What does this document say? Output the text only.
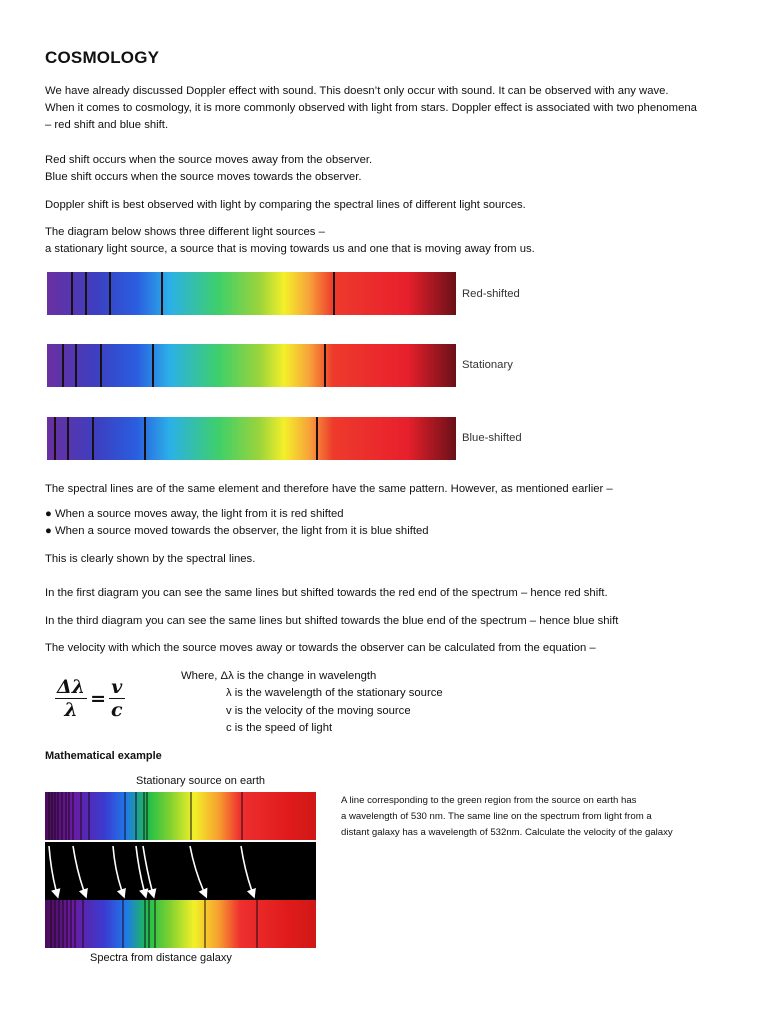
COSMOLOGY
We have already discussed Doppler effect with sound. This doesn’t only occur with sound. It can be observed with any wave.
When it comes to cosmology, it is more commonly observed with light from stars. Doppler effect is associated with two phenomena
– red shift and blue shift.
Red shift occurs when the source moves away from the observer.
Blue shift occurs when the source moves towards the observer.
Doppler shift is best observed with light by comparing the spectral lines of different light sources.
The diagram below shows three different light sources –
a stationary light source, a source that is moving towards us and one that is moving away from us.
Red-shifted
Stationary
Blue-shifted
The spectral lines are of the same element and therefore have the same pattern. However, as mentioned earlier –
● When a source moves away, the light from it is red shifted
● When a source moved towards the observer, the light from it is blue shifted
This is clearly shown by the spectral lines.
In the first diagram you can see the same lines but shifted towards the red end of the spectrum – hence red shift.
In the third diagram you can see the same lines but shifted towards the blue end of the spectrum – hence blue shift
The velocity with which the source moves away or towards the observer can be calculated from the equation –
$\frac{\Delta\lambda}{\lambda} = \frac{v}{c}$	Where, Δλ is the change in wavelength
λ is the wavelength of the stationary source
v is the velocity of the moving source
c is the speed of light
Mathematical example
Stationary source on earth
Spectra from distance galaxy
A line corresponding to the green region from the source on earth has
a wavelength of 530 nm. The same line on the spectrum from light from a
distant galaxy has a wavelength of 532nm. Calculate the velocity of the galaxy
